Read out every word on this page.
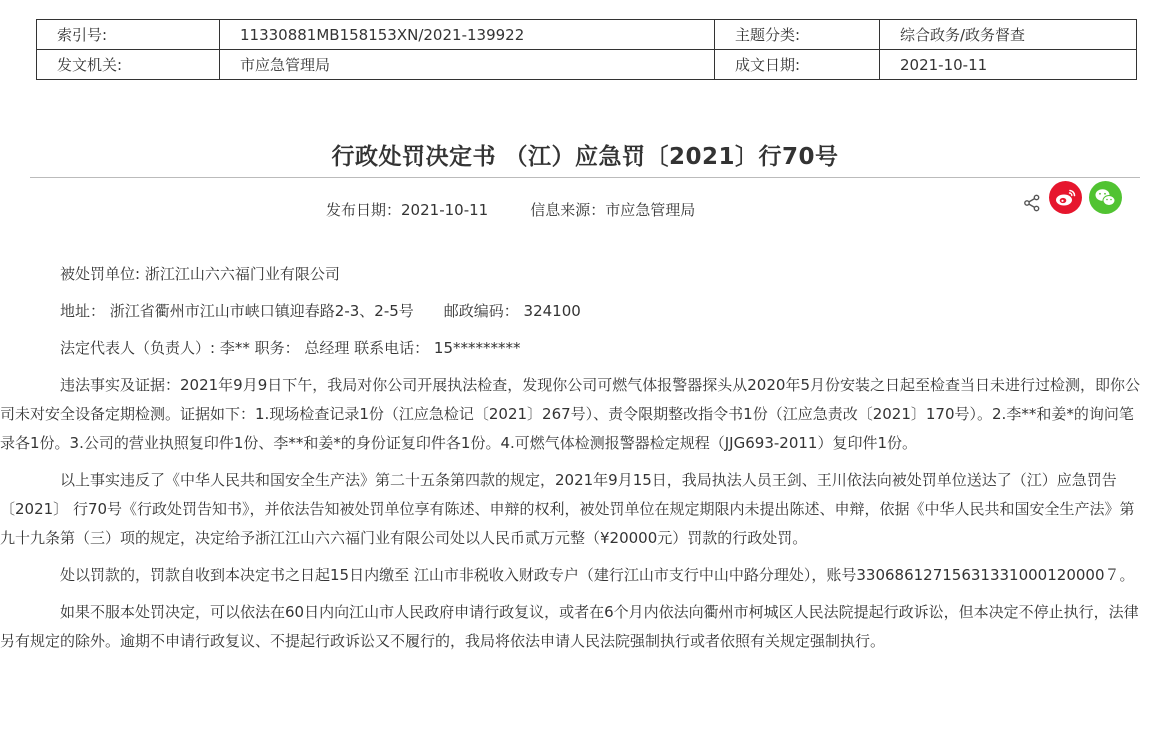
索引号:	11330881MB158153XN/2021-139922	主题分类:	综合政务/政务督查
发文机关:	市应急管理局	成文日期:	2021-10-11
行政处罚决定书 （江）应急罚〔2021〕行70号
发布日期：2021-10-11	信息来源：市应急管理局

被处罚单位: 浙江江山六六福门业有限公司

地址： 浙江省衢州市江山市峡口镇迎春路2-3、2-5号　　邮政编码： 324100

法定代表人（负责人）: 李** 职务： 总经理 联系电话： 15*********

违法事实及证据：2021年9月9日下午，我局对你公司开展执法检查，发现你公司可燃气体报警器探头从2020年5月份安装之日起至检查当日未进行过检测，即你公司未对安全设备定期检测。证据如下：1.现场检查记录1份（江应急检记〔2021〕267号）、责令限期整改指令书1份（江应急责改〔2021〕170号）。2.李**和姜*的询问笔录各1份。3.公司的营业执照复印件1份、李**和姜*的身份证复印件各1份。4.可燃气体检测报警器检定规程（JJG693-2011）复印件1份。

以上事实违反了《中华人民共和国安全生产法》第二十五条第四款的规定，2021年9月15日，我局执法人员王剑、王川依法向被处罚单位送达了（江）应急罚告〔2021〕 行70号《行政处罚告知书》，并依法告知被处罚单位享有陈述、申辩的权利，被处罚单位在规定期限内未提出陈述、申辩，依据《中华人民共和国安全生产法》第九十九条第（三）项的规定，决定给予浙江江山六六福门业有限公司处以人民币贰万元整（¥20000元）罚款的行政处罚。

处以罚款的，罚款自收到本决定书之日起15日内缴至 江山市非税收入财政专户（建行江山市支行中山中路分理处），账号33068612715631331000120000７。

如果不服本处罚决定，可以依法在60日内向江山市人民政府申请行政复议，或者在6个月内依法向衢州市柯城区人民法院提起行政诉讼，但本决定不停止执行，法律另有规定的除外。逾期不申请行政复议、不提起行政诉讼又不履行的，我局将依法申请人民法院强制执行或者依照有关规定强制执行。
